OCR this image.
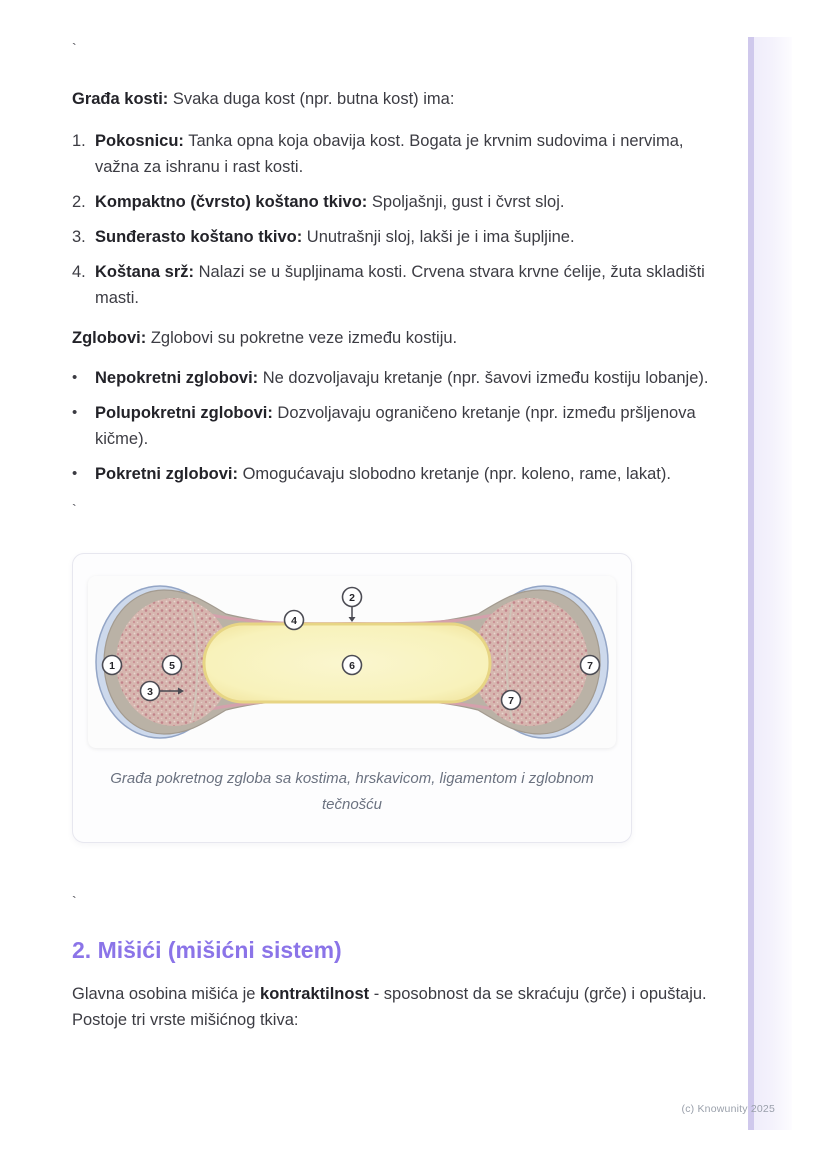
`

Građa kosti: Svaka duga kost (npr. butna kost) ima:

1. Pokosnicu: Tanka opna koja obavija kost. Bogata je krvnim sudovima i nervima, važna za ishranu i rast kosti.
2. Kompaktno (čvrsto) koštano tkivo: Spoljašnji, gust i čvrst sloj.
3. Sunđerasto koštano tkivo: Unutrašnji sloj, lakši je i ima šupljine.
4. Koštana srž: Nalazi se u šupljinama kosti. Crvena stvara krvne ćelije, žuta skladišti masti.

Zglobovi: Zglobovi su pokretne veze između kostiju.

•	Nepokretni zglobovi: Ne dozvoljavaju kretanje (npr. šavovi između kostiju lobanje).
•	Polupokretni zglobovi: Dozvoljavaju ograničeno kretanje (npr. između pršljenova kičme).
•	Pokretni zglobovi: Omogućavaju slobodno kretanje (npr. koleno, rame, lakat).
`
1	5
3
4
2
6
7
7
Građa pokretnog zgloba sa kostima, hrskavicom, ligamentom i zglobnom tečnošću
`
2. Mišići (mišićni sistem)

Glavna osobina mišića je kontraktilnost - sposobnost da se skraćuju (grče) i opuštaju. Postoje tri vrste mišićnog tkiva:

(c) Knowunity 2025
